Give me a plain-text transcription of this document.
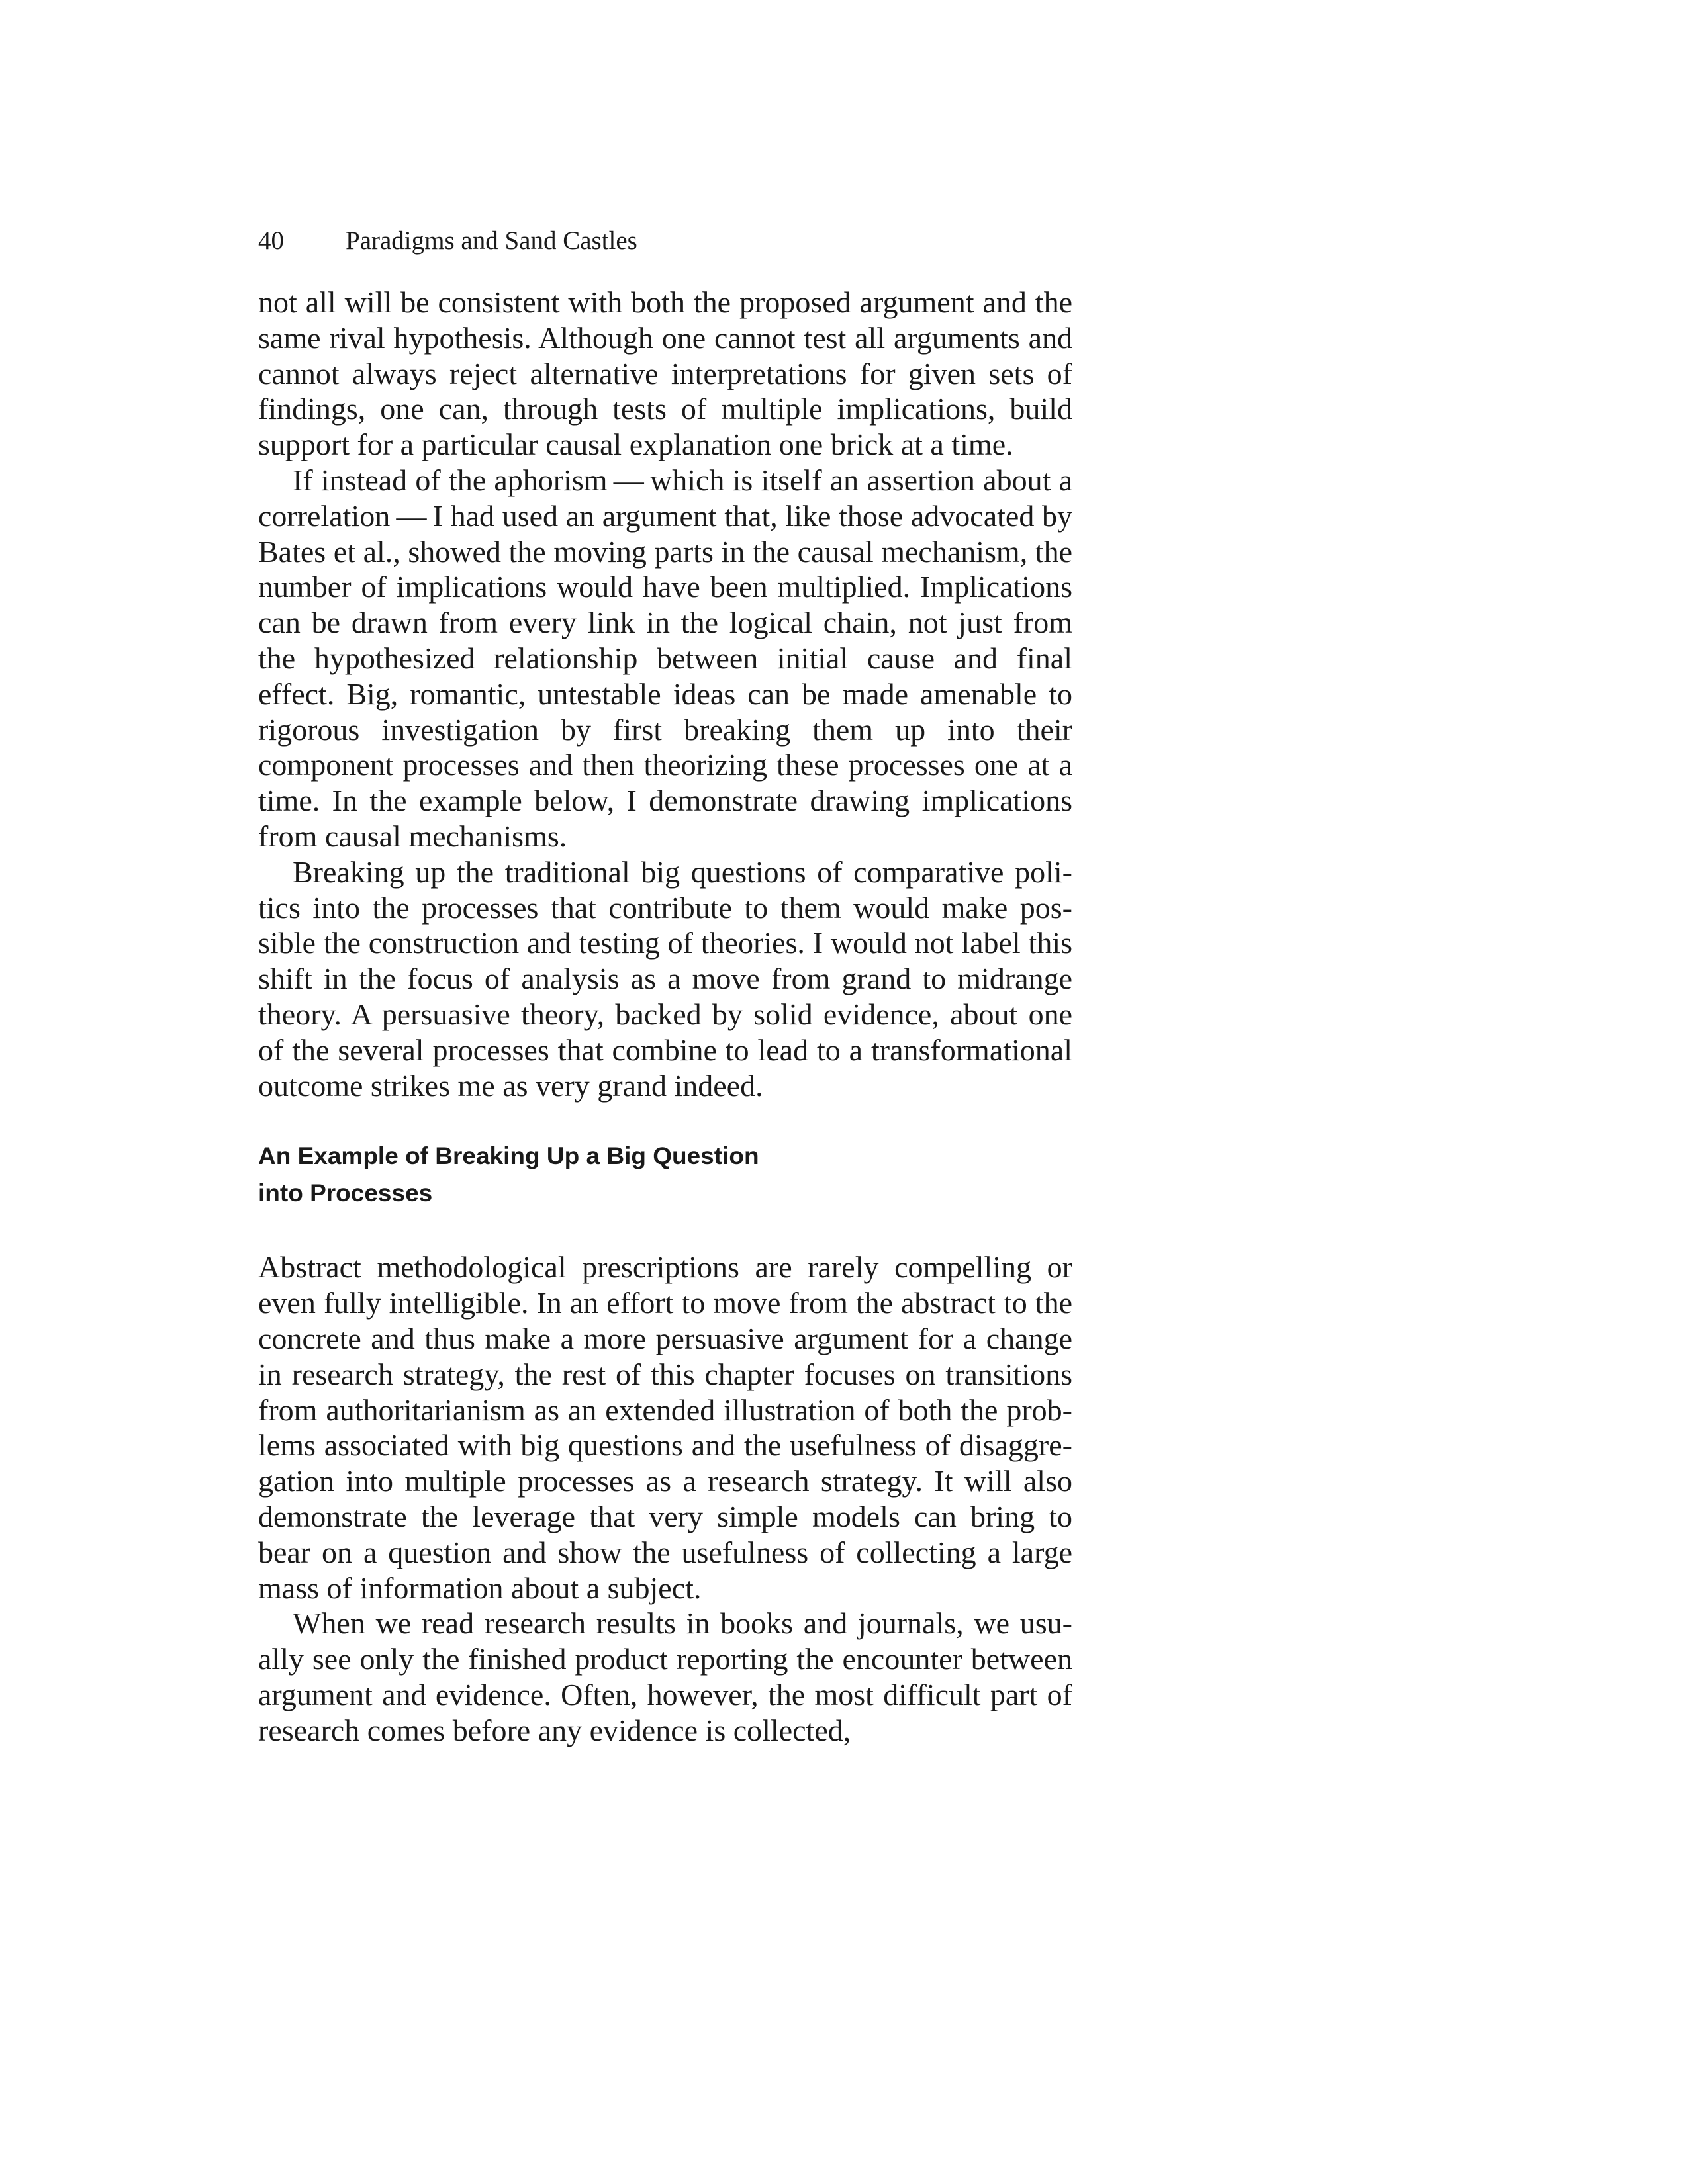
40 Paradigms and Sand Castles

not all will be consistent with both the proposed argument and the same rival hypothesis. Although one cannot test all arguments and cannot always reject alternative interpretations for given sets of findings, one can, through tests of multiple implications, build support for a particular causal explanation one brick at a time.

If instead of the aphorism — which is itself an assertion about a correlation — I had used an argument that, like those advocated by Bates et al., showed the moving parts in the causal mechanism, the number of implications would have been multiplied. Implications can be drawn from every link in the logical chain, not just from the hypothesized relationship between initial cause and final effect. Big, romantic, untestable ideas can be made amenable to rigorous investigation by first breaking them up into their component processes and then theorizing these processes one at a time. In the example below, I demonstrate drawing implications from causal mechanisms.

Breaking up the traditional big questions of comparative politics into the processes that contribute to them would make possible the construction and testing of theories. I would not label this shift in the focus of analysis as a move from grand to midrange theory. A persuasive theory, backed by solid evidence, about one of the several processes that combine to lead to a transformational outcome strikes me as very grand indeed.

An Example of Breaking Up a Big Question
into Processes

Abstract methodological prescriptions are rarely compelling or even fully intelligible. In an effort to move from the abstract to the concrete and thus make a more persuasive argument for a change in research strategy, the rest of this chapter focuses on transitions from authoritarianism as an extended illustration of both the problems associated with big questions and the usefulness of disaggregation into multiple processes as a research strategy. It will also demonstrate the leverage that very simple models can bring to bear on a question and show the usefulness of collecting a large mass of information about a subject.

When we read research results in books and journals, we usually see only the finished product reporting the encounter between argument and evidence. Often, however, the most difficult part of research comes before any evidence is collected,
